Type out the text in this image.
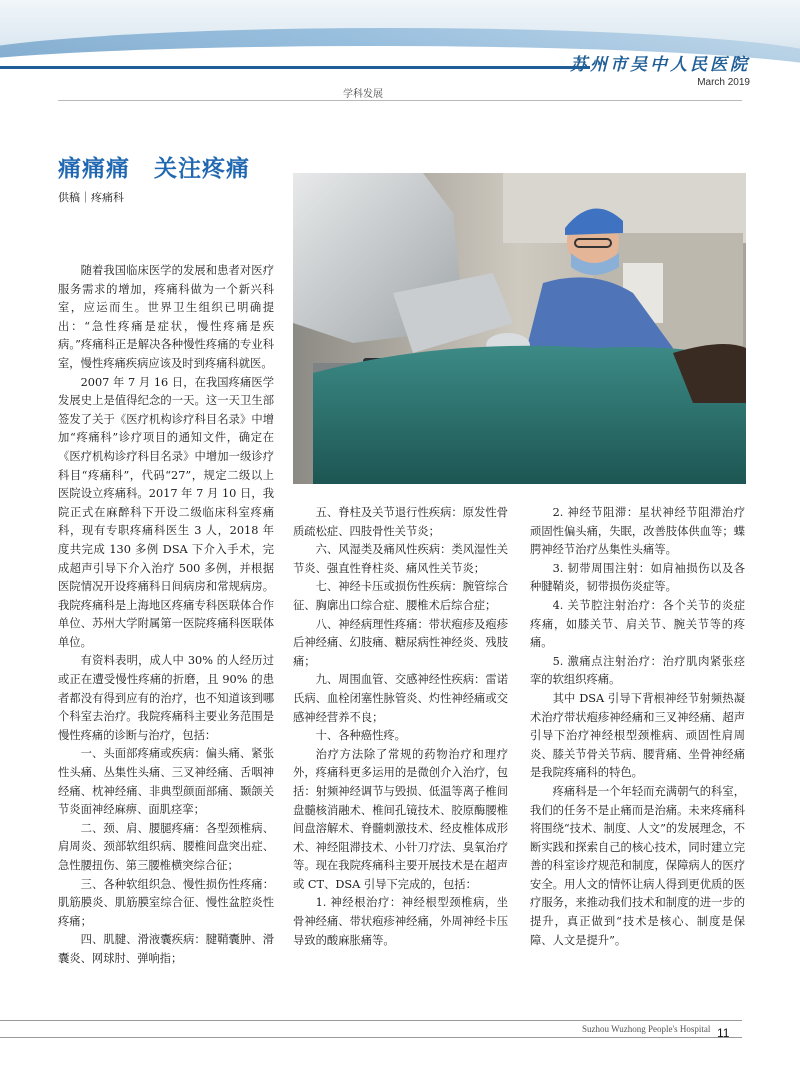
苏州市吴中人民医院

March 2019

学科发展

痛痛痛　关注疼痛

供稿｜疼痛科

随着我国临床医学的发展和患者对医疗服务需求的增加，疼痛科做为一个新兴科室，应运而生。世界卫生组织已明确提出：“急性疼痛是症状，慢性疼痛是疾病。”疼痛科正是解决各种慢性疼痛的专业科室，慢性疼痛疾病应该及时到疼痛科就医。

2007 年 7 月 16 日，在我国疼痛医学发展史上是值得纪念的一天。这一天卫生部签发了关于《医疗机构诊疗科目名录》中增加“疼痛科”诊疗项目的通知文件，确定在《医疗机构诊疗科目名录》中增加一级诊疗科目“疼痛科”，代码“27”，规定二级以上医院设立疼痛科。2017 年 7 月 10 日，我院正式在麻醉科下开设二级临床科室疼痛科，现有专职疼痛科医生 3 人，2018 年度共完成 130 多例 DSA 下介入手术，完成超声引导下介入治疗 500 多例，并根据医院情况开设疼痛科日间病房和常规病房。我院疼痛科是上海地区疼痛专科医联体合作单位、苏州大学附属第一医院疼痛科医联体单位。

有资料表明，成人中 30% 的人经历过或正在遭受慢性疼痛的折磨，且 90% 的患者都没有得到应有的治疗，也不知道该到哪个科室去治疗。我院疼痛科主要业务范围是慢性疼痛的诊断与治疗，包括：

一、头面部疼痛或疾病：偏头痛、紧张性头痛、丛集性头痛、三叉神经痛、舌咽神经痛、枕神经痛、非典型颜面部痛、颞颌关节炎面神经麻痹、面肌痉挛；

二、颈、肩、腰腿疼痛：各型颈椎病、肩周炎、颈部软组织病、腰椎间盘突出症、急性腰扭伤、第三腰椎横突综合征；

三、各种软组织急、慢性损伤性疼痛：肌筋膜炎、肌筋膜室综合征、慢性盆腔炎性疼痛；

四、肌腱、滑液囊疾病：腱鞘囊肿、滑囊炎、网球肘、弹响指；

五、脊柱及关节退行性疾病：原发性骨质疏松症、四肢骨性关节炎；

六、风湿类及痛风性疾病：类风湿性关节炎、强直性脊柱炎、痛风性关节炎；

七、神经卡压或损伤性疾病：腕管综合征、胸廓出口综合症、腰椎术后综合症；

八、神经病理性疼痛：带状疱疹及疱疹后神经痛、幻肢痛、糖尿病性神经炎、残肢痛；

九、周围血管、交感神经性疾病：雷诺氏病、血栓闭塞性脉管炎、灼性神经痛或交感神经营养不良；

十、各种癌性疼。

治疗方法除了常规的药物治疗和理疗外，疼痛科更多运用的是微创介入治疗，包括：射频神经调节与毁损、低温等离子椎间盘髓核消融术、椎间孔镜技术、胶原酶腰椎间盘溶解术、脊髓刺激技术、经皮椎体成形术、神经阻滞技术、小针刀疗法、臭氧治疗等。现在我院疼痛科主要开展技术是在超声或 CT、DSA 引导下完成的，包括：

1. 神经根治疗：神经根型颈椎病，坐骨神经痛、带状疱疹神经痛，外周神经卡压导致的酸麻胀痛等。

2. 神经节阻滞：星状神经节阻滞治疗顽固性偏头痛，失眠，改善肢体供血等；蝶腭神经节治疗丛集性头痛等。

3. 韧带周围注射：如肩袖损伤以及各种腱鞘炎，韧带损伤炎症等。

4. 关节腔注射治疗：各个关节的炎症疼痛，如膝关节、肩关节、腕关节等的疼痛。

5. 激痛点注射治疗：治疗肌肉紧张痉挛的软组织疼痛。

其中 DSA 引导下背根神经节射频热凝术治疗带状疱疹神经痛和三叉神经痛、超声引导下治疗神经根型颈椎病、顽固性肩周炎、膝关节骨关节病、腰背痛、坐骨神经痛是我院疼痛科的特色。

疼痛科是一个年轻而充满朝气的科室，我们的任务不是止痛而是治痛。未来疼痛科将围绕“技术、制度、人文”的发展理念，不断实践和探索自己的核心技术，同时建立完善的科室诊疗规范和制度，保障病人的医疗安全。用人文的情怀让病人得到更优质的医疗服务，来推动我们技术和制度的进一步的提升，真正做到“技术是核心、制度是保障、人文是提升”。

Suzhou Wuzhong People's Hospital 11
